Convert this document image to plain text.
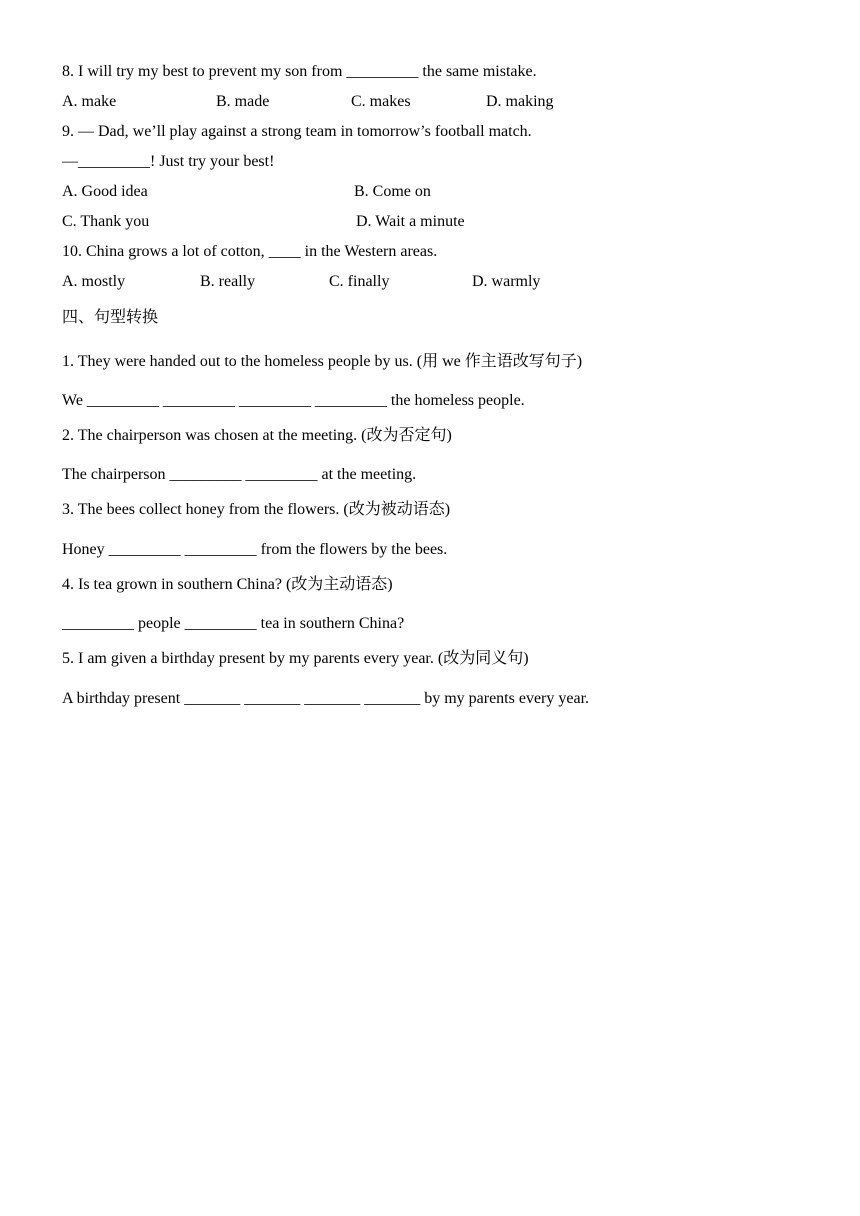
8. I will try my best to prevent my son from _________ the same mistake.
A. make	B. made	C. makes	D. making
9. — Dad, we’ll play against a strong team in tomorrow’s football match.
—_________! Just try your best!
A. Good idea	B. Come on
C. Thank you	D. Wait a minute
10. China grows a lot of cotton, ____ in the Western areas.
A. mostly	B. really	C. finally	D. warmly
四、句型转换
1. They were handed out to the homeless people by us. (用 we 作主语改写句子)
We _________ _________ _________ _________ the homeless people.
2. The chairperson was chosen at the meeting. (改为否定句)
The chairperson _________ _________ at the meeting.
3. The bees collect honey from the flowers. (改为被动语态)
Honey _________ _________ from the flowers by the bees.
4. Is tea grown in southern China? (改为主动语态)
_________ people _________ tea in southern China?
5. I am given a birthday present by my parents every year. (改为同义句)
A birthday present _______ _______ _______ _______ by my parents every year.
